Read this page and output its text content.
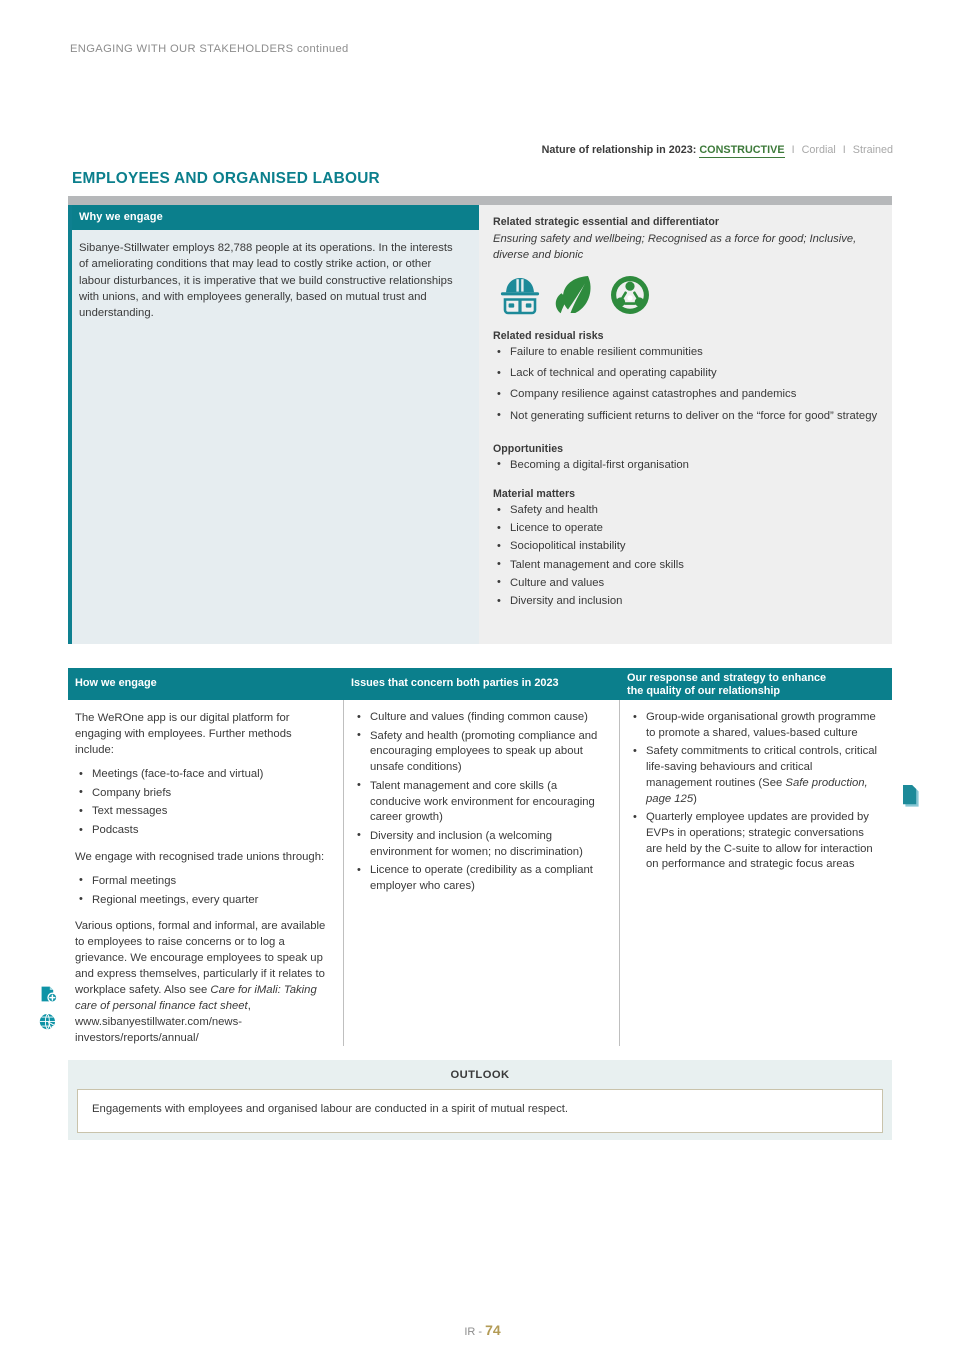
ENGAGING WITH OUR STAKEHOLDERS continued
Nature of relationship in 2023: CONSTRUCTIVE I Cordial I Strained
EMPLOYEES AND ORGANISED LABOUR
Why we engage
Sibanye-Stillwater employs 82,788 people at its operations. In the interests of ameliorating conditions that may lead to costly strike action, or other labour disturbances, it is imperative that we build constructive relationships with unions, and with employees generally, based on mutual trust and understanding.
Related strategic essential and differentiator
Ensuring safety and wellbeing; Recognised as a force for good; Inclusive, diverse and bionic
Related residual risks
• Failure to enable resilient communities
• Lack of technical and operating capability
• Company resilience against catastrophes and pandemics
• Not generating sufficient returns to deliver on the “force for good” strategy
Opportunities
• Becoming a digital-first organisation
Material matters
• Safety and health
• Licence to operate
• Sociopolitical instability
• Talent management and core skills
• Culture and values
• Diversity and inclusion
How we engage	Issues that concern both parties in 2023	Our response and strategy to enhance
the quality of our relationship

The WeROne app is our digital platform for engaging with employees. Further methods include:

• Meetings (face-to-face and virtual)
• Company briefs
• Text messages
• Podcasts

We engage with recognised trade unions through:

• Formal meetings
• Regional meetings, every quarter

Various options, formal and informal, are available to employees to raise concerns or to log a grievance. We encourage employees to speak up and express themselves, particularly if it relates to workplace safety. Also see Care for iMali: Taking care of personal finance fact sheet, www.sibanyestillwater.com/news-investors/reports/annual/

• Culture and values (finding common cause)
• Safety and health (promoting compliance and encouraging employees to speak up about unsafe conditions)
• Talent management and core skills (a conducive work environment for encouraging career growth)
• Diversity and inclusion (a welcoming environment for women; no discrimination)
• Licence to operate (credibility as a compliant employer who cares)
• Group-wide organisational growth programme to promote a shared, values-based culture
• Safety commitments to critical controls, critical life-saving behaviours and critical management routines (See Safe production, page 125)
• Quarterly employee updates are provided by EVPs in operations; strategic conversations are held by the C-suite to allow for interaction on performance and strategic focus areas
OUTLOOK
Engagements with employees and organised labour are conducted in a spirit of mutual respect.
IR - 74
